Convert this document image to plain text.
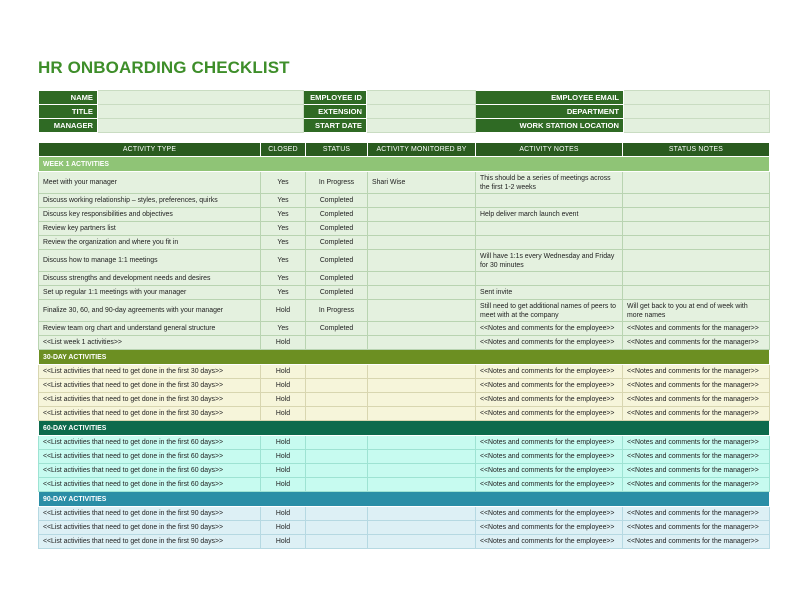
HR ONBOARDING CHECKLIST
NAME		EMPLOYEE ID		EMPLOYEE EMAIL	
TITLE		EXTENSION		DEPARTMENT	
MANAGER		START DATE		WORK STATION LOCATION	
ACTIVITY TYPE	CLOSED	STATUS	ACTIVITY MONITORED BY	ACTIVITY NOTES	STATUS NOTES
WEEK 1 ACTIVITIES					
Meet with your manager	Yes	In Progress	Shari Wise	This should be a series of meetings across the first 1-2 weeks	
Discuss working relationship – styles, preferences, quirks	Yes	Completed			
Discuss key responsibilities and objectives	Yes	Completed		Help deliver march launch event	
Review key partners list	Yes	Completed			
Review the organization and where you fit in	Yes	Completed			
Discuss how to manage 1:1 meetings	Yes	Completed		Will have 1:1s every Wednesday and Friday for 30 minutes	
Discuss strengths and development needs and desires	Yes	Completed			
Set up regular 1:1 meetings with your manager	Yes	Completed		Sent invite	
Finalize 30, 60, and 90-day agreements with your manager	Hold	In Progress		Still need to get additional names of peers to meet with at the company	Will get back to you at end of week with more names
Review team org chart and understand general structure	Yes	Completed		<<Notes and comments for the employee>>	<<Notes and comments for the manager>>
<<List week 1 activities>>	Hold			<<Notes and comments for the employee>>	<<Notes and comments for the manager>>
30-DAY ACTIVITIES					
<<List activities that need to get done in the first 30 days>>	Hold			<<Notes and comments for the employee>>	<<Notes and comments for the manager>>
<<List activities that need to get done in the first 30 days>>	Hold			<<Notes and comments for the employee>>	<<Notes and comments for the manager>>
<<List activities that need to get done in the first 30 days>>	Hold			<<Notes and comments for the employee>>	<<Notes and comments for the manager>>
<<List activities that need to get done in the first 30 days>>	Hold			<<Notes and comments for the employee>>	<<Notes and comments for the manager>>
60-DAY ACTIVITIES					
<<List activities that need to get done in the first 60 days>>	Hold			<<Notes and comments for the employee>>	<<Notes and comments for the manager>>
<<List activities that need to get done in the first 60 days>>	Hold			<<Notes and comments for the employee>>	<<Notes and comments for the manager>>
<<List activities that need to get done in the first 60 days>>	Hold			<<Notes and comments for the employee>>	<<Notes and comments for the manager>>
<<List activities that need to get done in the first 60 days>>	Hold			<<Notes and comments for the employee>>	<<Notes and comments for the manager>>
90-DAY ACTIVITIES					
<<List activities that need to get done in the first 90 days>>	Hold			<<Notes and comments for the employee>>	<<Notes and comments for the manager>>
<<List activities that need to get done in the first 90 days>>	Hold			<<Notes and comments for the employee>>	<<Notes and comments for the manager>>
<<List activities that need to get done in the first 90 days>>	Hold			<<Notes and comments for the employee>>	<<Notes and comments for the manager>>
